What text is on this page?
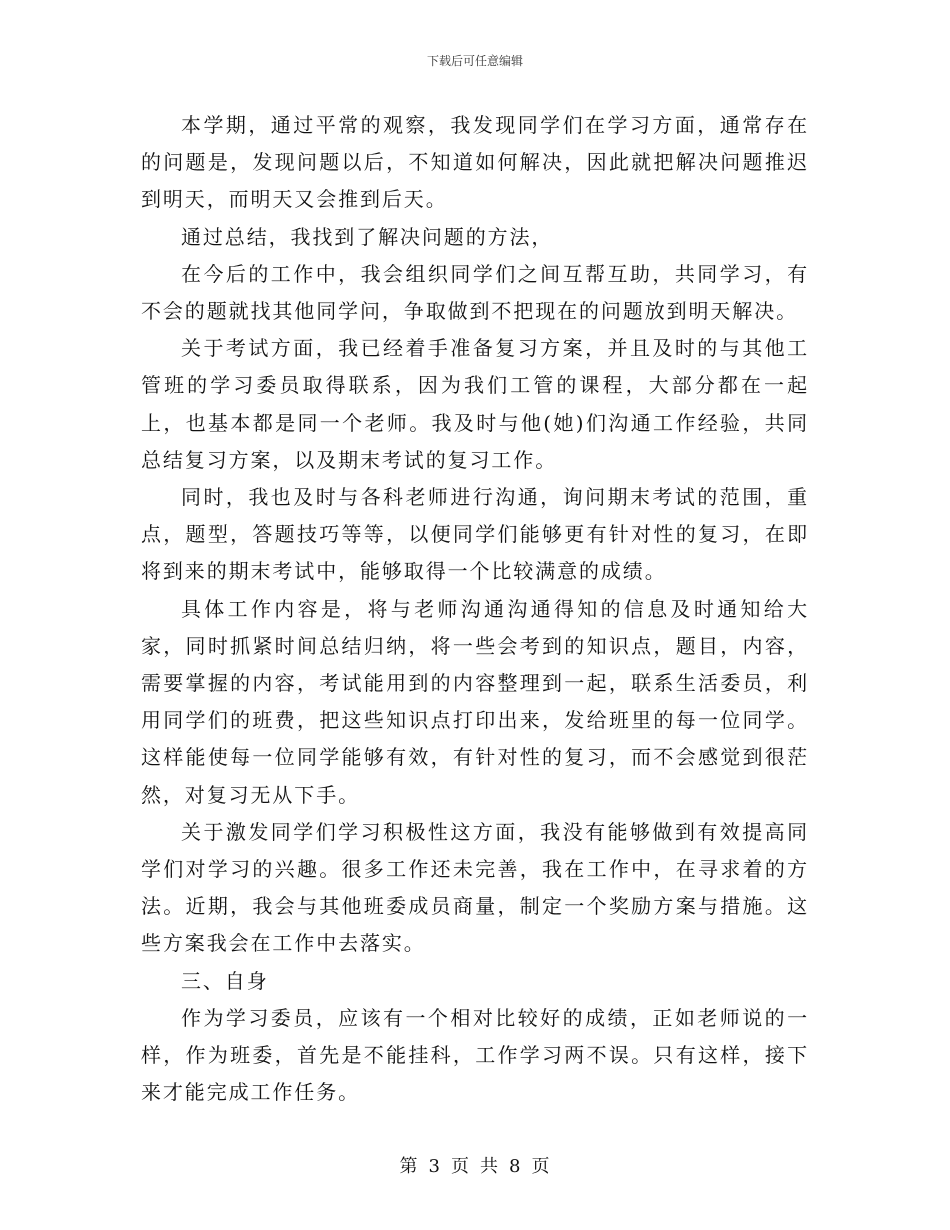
下载后可任意编辑

本学期，通过平常的观察，我发现同学们在学习方面，通常存在的问题是，发现问题以后，不知道如何解决，因此就把解决问题推迟到明天，而明天又会推到后天。

通过总结，我找到了解决问题的方法，

在今后的工作中，我会组织同学们之间互帮互助，共同学习，有不会的题就找其他同学问，争取做到不把现在的问题放到明天解决。

关于考试方面，我已经着手准备复习方案，并且及时的与其他工管班的学习委员取得联系，因为我们工管的课程，大部分都在一起上，也基本都是同一个老师。我及时与他(她)们沟通工作经验，共同总结复习方案，以及期末考试的复习工作。

同时，我也及时与各科老师进行沟通，询问期末考试的范围，重点，题型，答题技巧等等，以便同学们能够更有针对性的复习，在即将到来的期末考试中，能够取得一个比较满意的成绩。

具体工作内容是，将与老师沟通沟通得知的信息及时通知给大家，同时抓紧时间总结归纳，将一些会考到的知识点，题目，内容，需要掌握的内容，考试能用到的内容整理到一起，联系生活委员，利用同学们的班费，把这些知识点打印出来，发给班里的每一位同学。这样能使每一位同学能够有效，有针对性的复习，而不会感觉到很茫然，对复习无从下手。

关于激发同学们学习积极性这方面，我没有能够做到有效提高同学们对学习的兴趣。很多工作还未完善，我在工作中，在寻求着的方法。近期，我会与其他班委成员商量，制定一个奖励方案与措施。这些方案我会在工作中去落实。

三、自身

作为学习委员，应该有一个相对比较好的成绩，正如老师说的一样，作为班委，首先是不能挂科，工作学习两不误。只有这样，接下来才能完成工作任务。

第 3 页 共 8 页
